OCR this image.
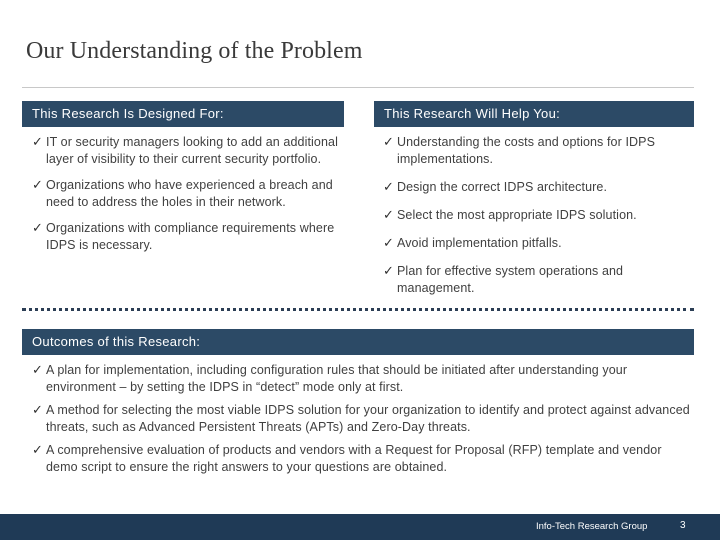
Our Understanding of the Problem
This Research Is Designed For:
✓ IT or security managers looking to add an additional layer of visibility to their current security portfolio.
✓ Organizations who have experienced a breach and need to address the holes in their network.
✓ Organizations with compliance requirements where IDPS is necessary.
This Research Will Help You:
✓ Understanding the costs and options for IDPS implementations.
✓ Design the correct IDPS architecture.
✓ Select the most appropriate IDPS solution.
✓ Avoid implementation pitfalls.
✓ Plan for effective system operations and management.
Outcomes of this Research:
✓ A plan for implementation, including configuration rules that should be initiated after understanding your environment – by setting the IDPS in “detect” mode only at first.
✓ A method for selecting the most viable IDPS solution for your organization to identify and protect against advanced threats, such as Advanced Persistent Threats (APTs) and Zero-Day threats.
✓ A comprehensive evaluation of products and vendors with a Request for Proposal (RFP) template and vendor demo script to ensure the right answers to your questions are obtained.
Info-Tech Research Group	3
